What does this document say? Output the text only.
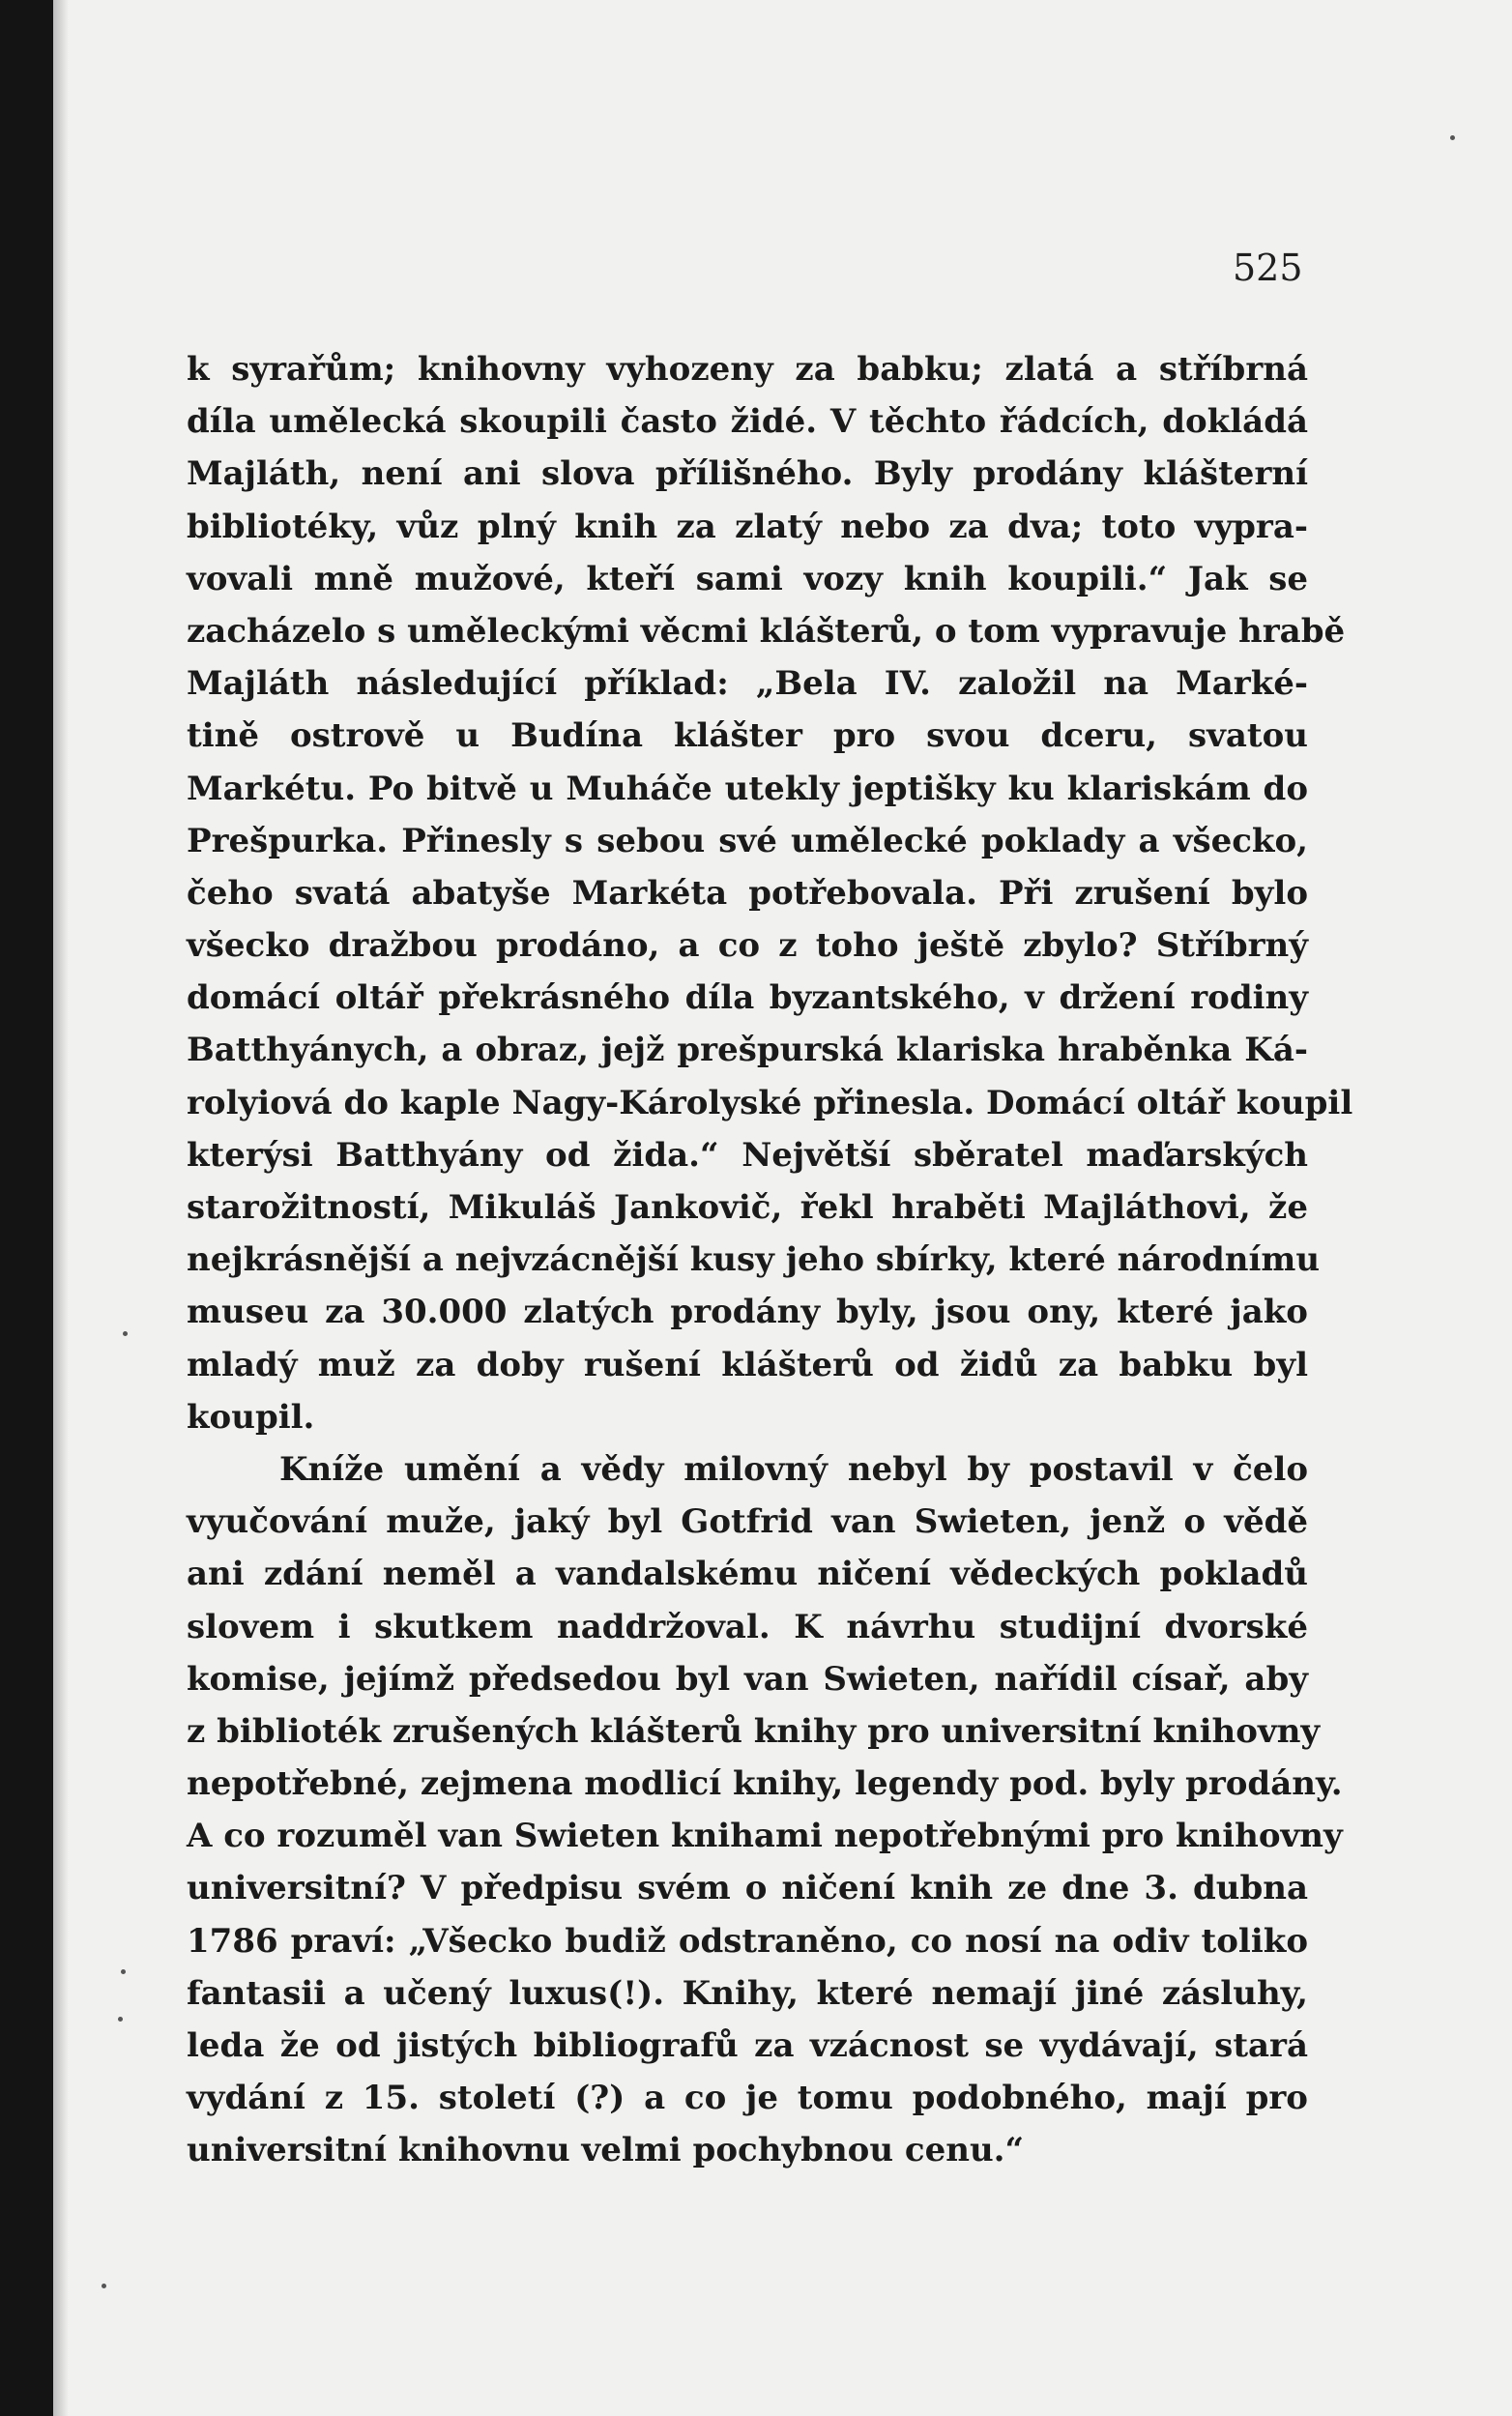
525
k syrařům; knihovny vyhozeny za babku; zlatá a stříbrná
díla umělecká skoupili často židé. V těchto řádcích, dokládá
Majláth, není ani slova přílišného. Byly prodány klášterní
bibliotéky, vůz plný knih za zlatý nebo za dva; toto vypra-
vovali mně mužové, kteří sami vozy knih koupili.“ Jak se
zacházelo s uměleckými věcmi klášterů, o tom vypravuje hrabě
Majláth následující příklad: „Bela IV. založil na Marké-
tině ostrově u Budína klášter pro svou dceru, svatou
Markétu. Po bitvě u Muháče utekly jeptišky ku klariskám do
Prešpurka. Přinesly s sebou své umělecké poklady a všecko,
čeho svatá abatyše Markéta potřebovala. Při zrušení bylo
všecko dražbou prodáno, a co z toho ještě zbylo? Stříbrný
domácí oltář překrásného díla byzantského, v držení rodiny
Batthyánych, a obraz, jejž prešpurská klariska hraběnka Ká-
rolyiová do kaple Nagy-Károlyské přinesla. Domácí oltář koupil
kterýsi Batthyány od žida.“ Největší sběratel maďarských
starožitností, Mikuláš Jankovič, řekl hraběti Majláthovi, že
nejkrásnější a nejvzácnější kusy jeho sbírky, které národnímu
museu za 30.000 zlatých prodány byly, jsou ony, které jako
mladý muž za doby rušení klášterů od židů za babku byl
koupil.
Kníže umění a vědy milovný nebyl by postavil v čelo
vyučování muže, jaký byl Gotfrid van Swieten, jenž o vědě
ani zdání neměl a vandalskému ničení vědeckých pokladů
slovem i skutkem naddržoval. K návrhu studijní dvorské
komise, jejímž předsedou byl van Swieten, nařídil císař, aby
z biblioték zrušených klášterů knihy pro universitní knihovny
nepotřebné, zejmena modlicí knihy, legendy pod. byly prodány.
A co rozuměl van Swieten knihami nepotřebnými pro knihovny
universitní? V předpisu svém o ničení knih ze dne 3. dubna
1786 praví: „Všecko budiž odstraněno, co nosí na odiv toliko
fantasii a učený luxus(!). Knihy, které nemají jiné zásluhy,
leda že od jistých bibliografů za vzácnost se vydávají, stará
vydání z 15. století (?) a co je tomu podobného, mají pro
universitní knihovnu velmi pochybnou cenu.“
